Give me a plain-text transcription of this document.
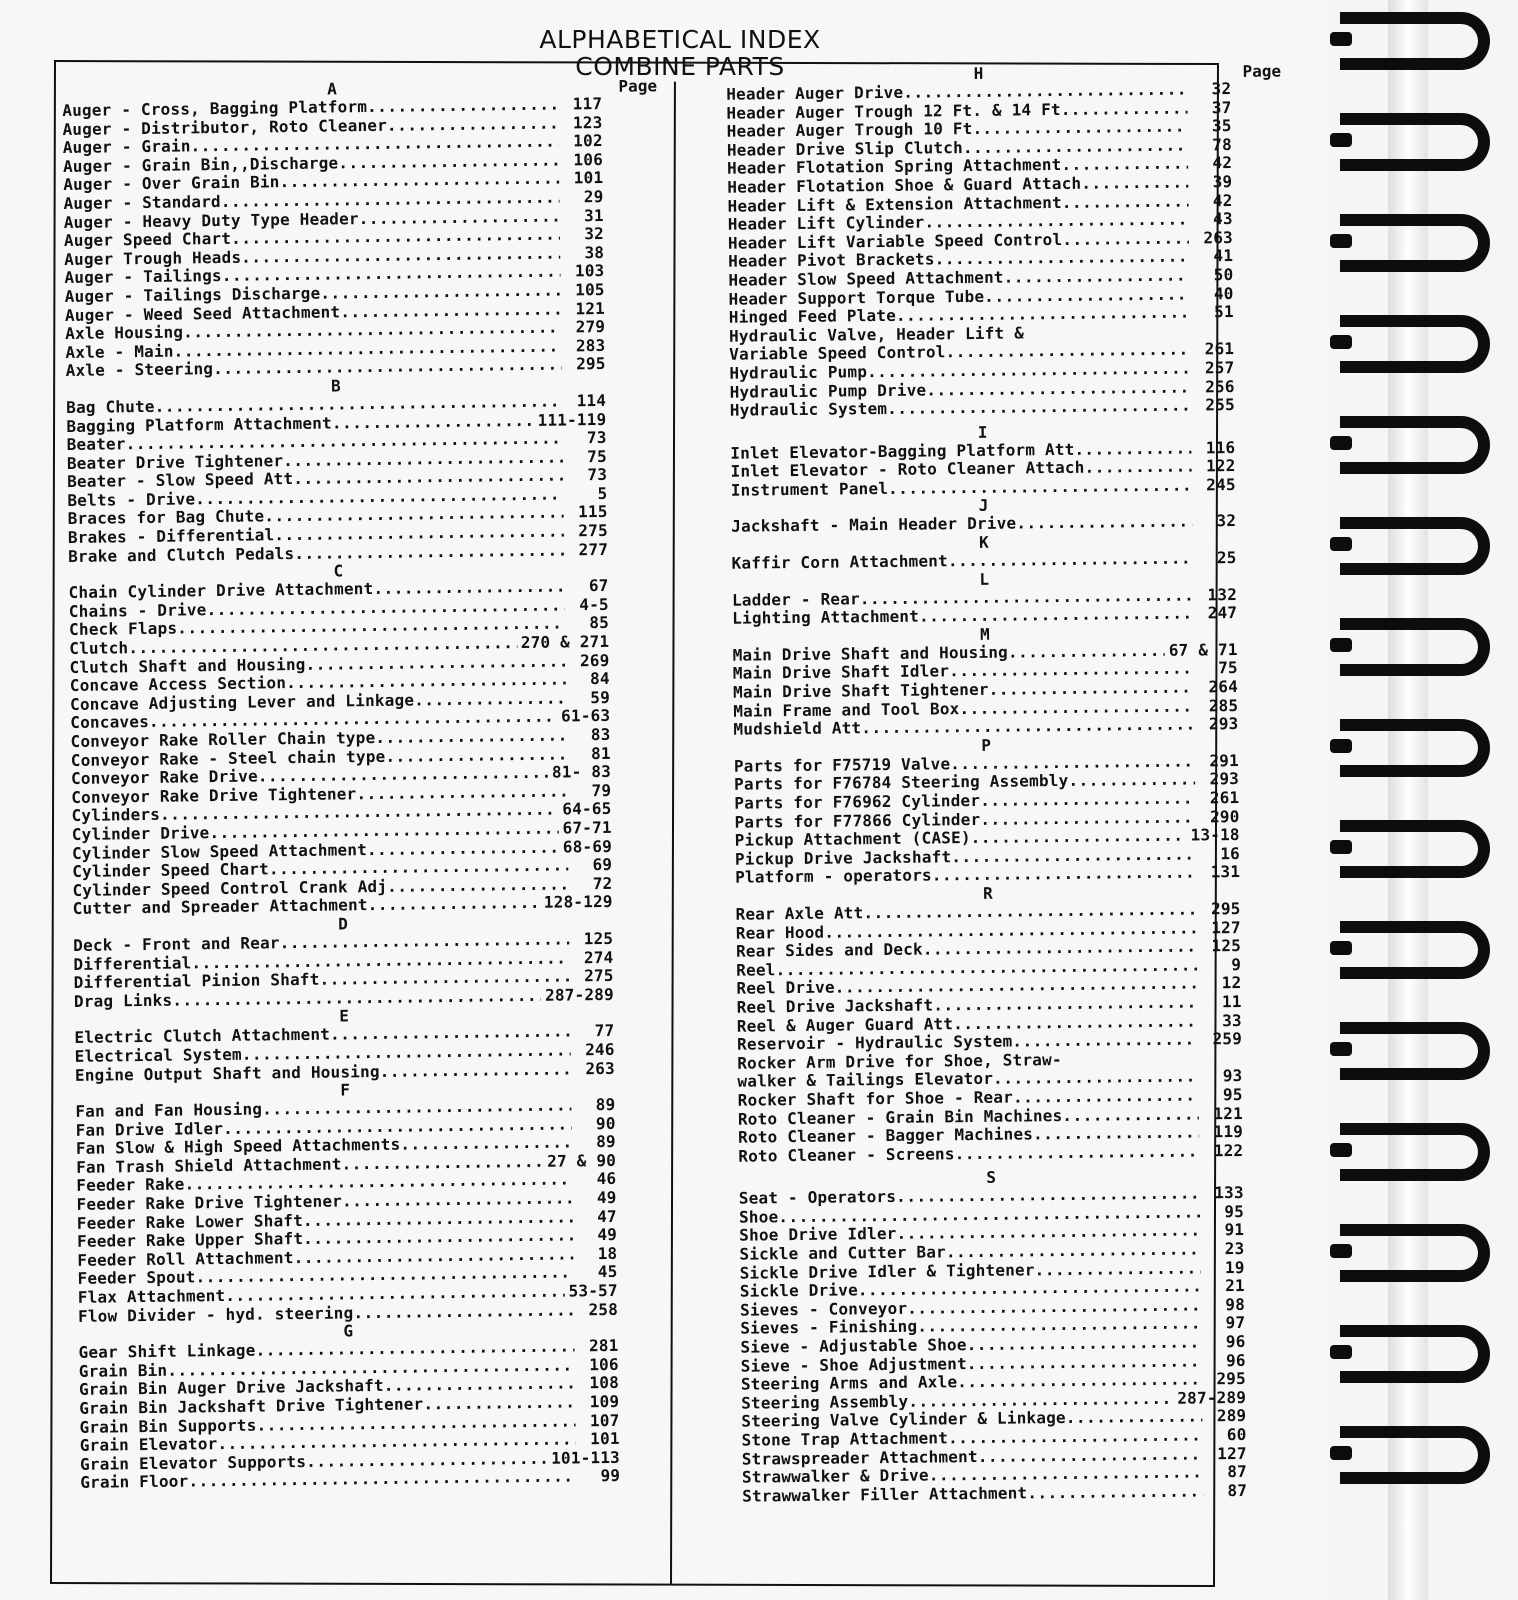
ALPHABETICAL INDEX
COMBINE PARTS
Page
A
Auger - Cross, Bagging Platform .....	117
Auger - Distributor, Roto Cleaner .....	123
Auger - Grain .....	102
Auger - Grain Bin,,Discharge .....	106
Auger - Over Grain Bin .....	101
Auger - Standard .....	29
Auger - Heavy Duty Type Header .....	31
Auger Speed Chart .....	32
Auger Trough Heads .....	38
Auger - Tailings .....	103
Auger - Tailings Discharge .....	105
Auger - Weed Seed Attachment .....	121
Axle Housing .....	279
Axle - Main .....	283
Axle - Steering .....	295
B
Bag Chute .....	114
Bagging Platform Attachment .....	111-119
Beater .....	73
Beater Drive Tightener .....	75
Beater - Slow Speed Att .....	73
Belts - Drive .....	5
Braces for Bag Chute .....	115
Brakes - Differential .....	275
Brake and Clutch Pedals .....	277
C
Chain Cylinder Drive Attachment .....	67
Chains - Drive .....	4-5
Check Flaps .....	85
Clutch .....	270 & 271
Clutch Shaft and Housing .....	269
Concave Access Section .....	84
Concave Adjusting Lever and Linkage .....	59
Concaves .....	61-63
Conveyor Rake Roller Chain type .....	83
Conveyor Rake - Steel chain type .....	81
Conveyor Rake Drive .....	81- 83
Conveyor Rake Drive Tightener .....	79
Cylinders .....	64-65
Cylinder Drive .....	67-71
Cylinder Slow Speed Attachment .....	68-69
Cylinder Speed Chart .....	69
Cylinder Speed Control Crank Adj .....	72
Cutter and Spreader Attachment .....	128-129
D
Deck - Front and Rear .....	125
Differential .....	274
Differential Pinion Shaft .....	275
Drag Links .....	287-289
E
Electric Clutch Attachment .....	77
Electrical System .....	246
Engine Output Shaft and Housing .....	263
F
Fan and Fan Housing .....	89
Fan Drive Idler .....	90
Fan Slow & High Speed Attachments .....	89
Fan Trash Shield Attachment .....	27 & 90
Feeder Rake .....	46
Feeder Rake Drive Tightener .....	49
Feeder Rake Lower Shaft .....	47
Feeder Rake Upper Shaft .....	49
Feeder Roll Attachment .....	18
Feeder Spout .....	45
Flax Attachment .....	53-57
Flow Divider - hyd. steering .....	258
G
Gear Shift Linkage .....	281
Grain Bin .....	106
Grain Bin Auger Drive Jackshaft .....	108
Grain Bin Jackshaft Drive Tightener .....	109
Grain Bin Supports .....	107
Grain Elevator .....	101
Grain Elevator Supports .....	101-113
Grain Floor .....	99
Page
H
Header Auger Drive .....	32
Header Auger Trough 12 Ft. & 14 Ft. .....	37
Header Auger Trough 10 Ft. .....	35
Header Drive Slip Clutch .....	78
Header Flotation Spring Attachment .....	42
Header Flotation Shoe & Guard Attach .....	39
Header Lift & Extension Attachment .....	42
Header Lift Cylinder .....	43
Header Lift Variable Speed Control .....	263
Header Pivot Brackets .....	41
Header Slow Speed Attachment .....	50
Header Support Torque Tube .....	40
Hinged Feed Plate .....	51
Hydraulic Valve, Header Lift &
Variable Speed Control .....	261
Hydraulic Pump .....	257
Hydraulic Pump Drive .....	256
Hydraulic System .....	255
I
Inlet Elevator-Bagging Platform Att. .....	116
Inlet Elevator - Roto Cleaner Attach .....	122
Instrument Panel .....	245
J
Jackshaft - Main Header Drive .....	32
K
Kaffir Corn Attachment .....	25
L
Ladder - Rear .....	132
Lighting Attachment .....	247
M
Main Drive Shaft and Housing .....	67 & 71
Main Drive Shaft Idler .....	75
Main Drive Shaft Tightener .....	264
Main Frame and Tool Box .....	285
Mudshield Att .....	293
P
Parts for F75719 Valve .....	291
Parts for F76784 Steering Assembly .....	293
Parts for F76962 Cylinder .....	261
Parts for F77866 Cylinder .....	290
Pickup Attachment (CASE) .....	13-18
Pickup Drive Jackshaft .....	16
Platform - operators .....	131
R
Rear Axle Att .....	295
Rear Hood .....	127
Rear Sides and Deck .....	125
Reel .....	9
Reel Drive .....	12
Reel Drive Jackshaft .....	11
Reel & Auger Guard Att .....	33
Reservoir - Hydraulic System .....	259
Rocker Arm Drive for Shoe, Straw-
walker & Tailings Elevator .....	93
Rocker Shaft for Shoe - Rear .....	95
Roto Cleaner - Grain Bin Machines .....	121
Roto Cleaner - Bagger Machines .....	119
Roto Cleaner - Screens .....	122
S
Seat - Operators .....	133
Shoe .....	95
Shoe Drive Idler .....	91
Sickle and Cutter Bar .....	23
Sickle Drive Idler & Tightener .....	19
Sickle Drive .....	21
Sieves - Conveyor .....	98
Sieves - Finishing .....	97
Sieve - Adjustable Shoe .....	96
Sieve - Shoe Adjustment .....	96
Steering Arms and Axle .....	295
Steering Assembly .....	287-289
Steering Valve Cylinder & Linkage .....	289
Stone Trap Attachment .....	60
Strawspreader Attachment .....	127
Strawwalker & Drive .....	87
Strawwalker Filler Attachment .....	87
